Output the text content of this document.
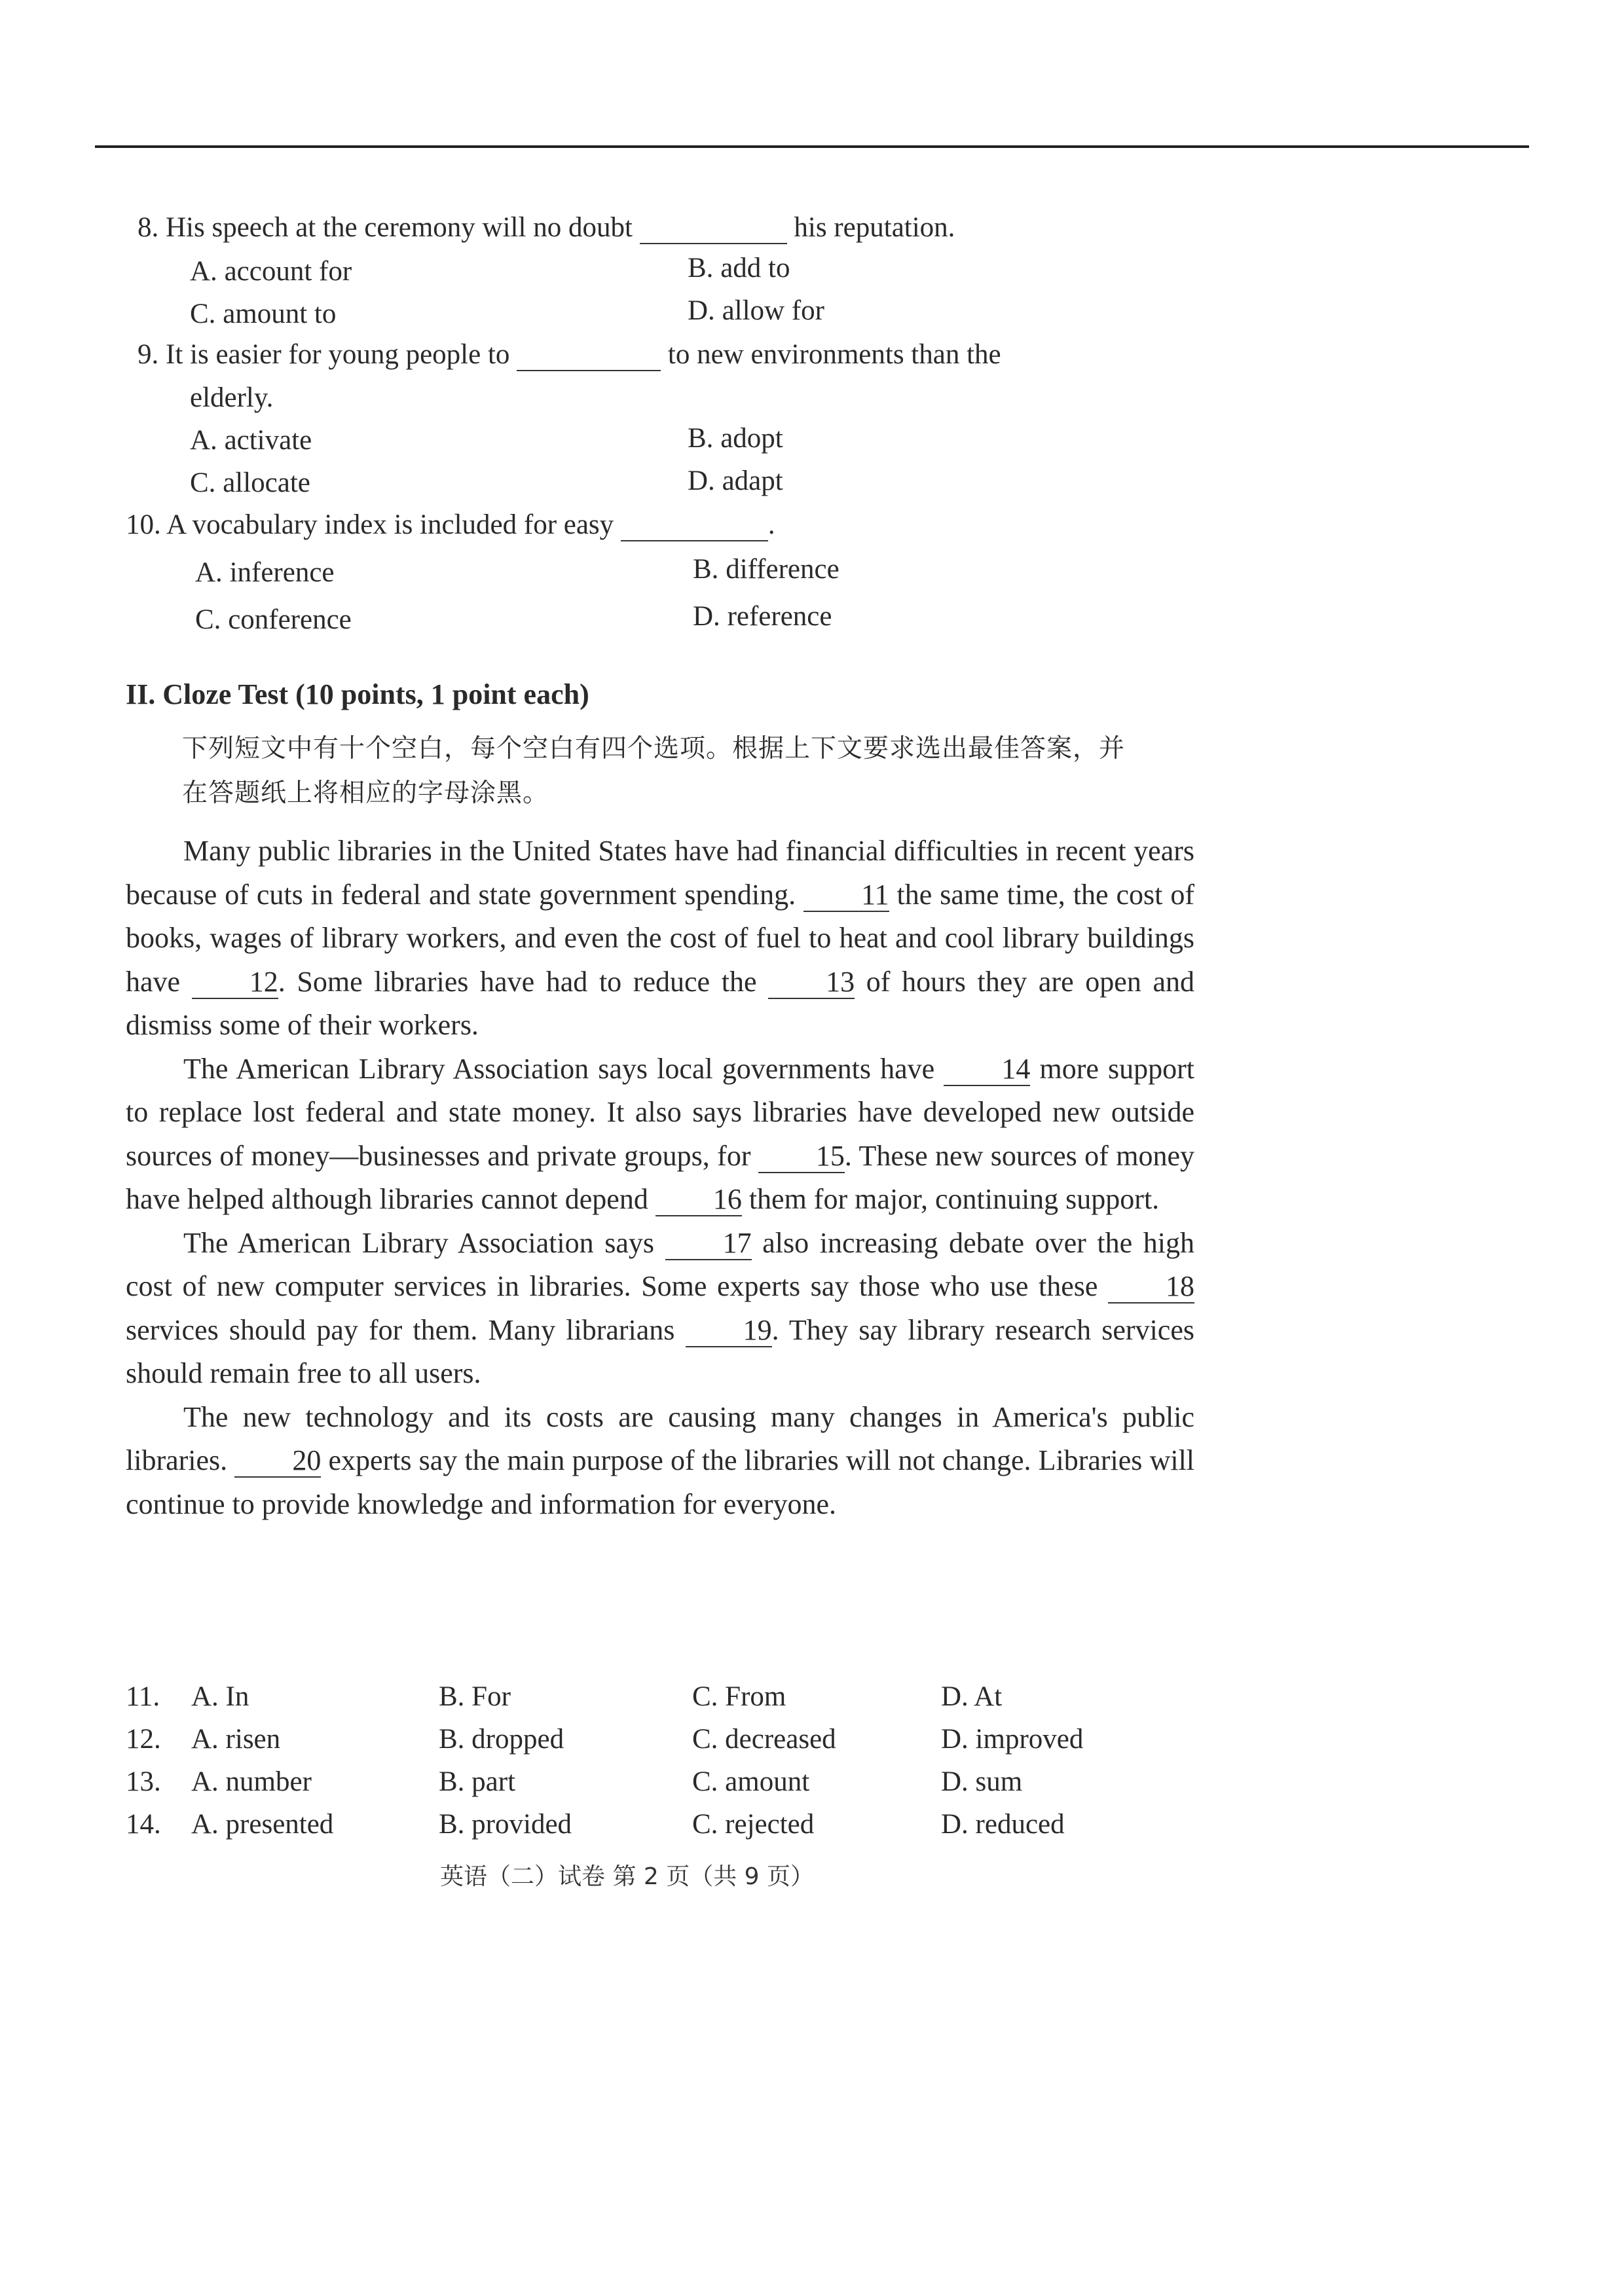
8. His speech at the ceremony will no doubt	his reputation.
A. account for	B. add to
C. amount to	D. allow for
9. It is easier for young people to	to new environments than the
elderly.
A. activate	B. adopt
C. allocate	D. adapt
10. A vocabulary index is included for easy	.
A. inference	B. difference
C. conference	D. reference
II. Cloze Test (10 points, 1 point each)
下列短文中有十个空白，每个空白有四个选项。根据上下文要求选出最佳答案，并
在答题纸上将相应的字母涂黑。

Many public libraries in the United States have had financial difficulties in recent years because of cuts in federal and state government spending. 11 the same time, the cost of books, wages of library workers, and even the cost of fuel to heat and cool library buildings have 12. Some libraries have had to reduce the 13 of hours they are open and dismiss some of their workers.

The American Library Association says local governments have 14 more support to replace lost federal and state money. It also says libraries have developed new outside sources of money—businesses and private groups, for 15. These new sources of money have helped although libraries cannot depend 16 them for major, continuing support.

The American Library Association says 17 also increasing debate over the high cost of new computer services in libraries. Some experts say those who use these 18 services should pay for them. Many librarians 19. They say library research services should remain free to all users.

The new technology and its costs are causing many changes in America's public libraries. 20 experts say the main purpose of the libraries will not change. Libraries will continue to provide knowledge and information for everyone.

11. A. In	B. For	C. From	D. At
12. A. risen	B. dropped	C. decreased	D. improved
13. A. number	B. part	C. amount	D. sum
14. A. presented	B. provided	C. rejected	D. reduced
英语（二）试卷 第 2 页（共 9 页）
